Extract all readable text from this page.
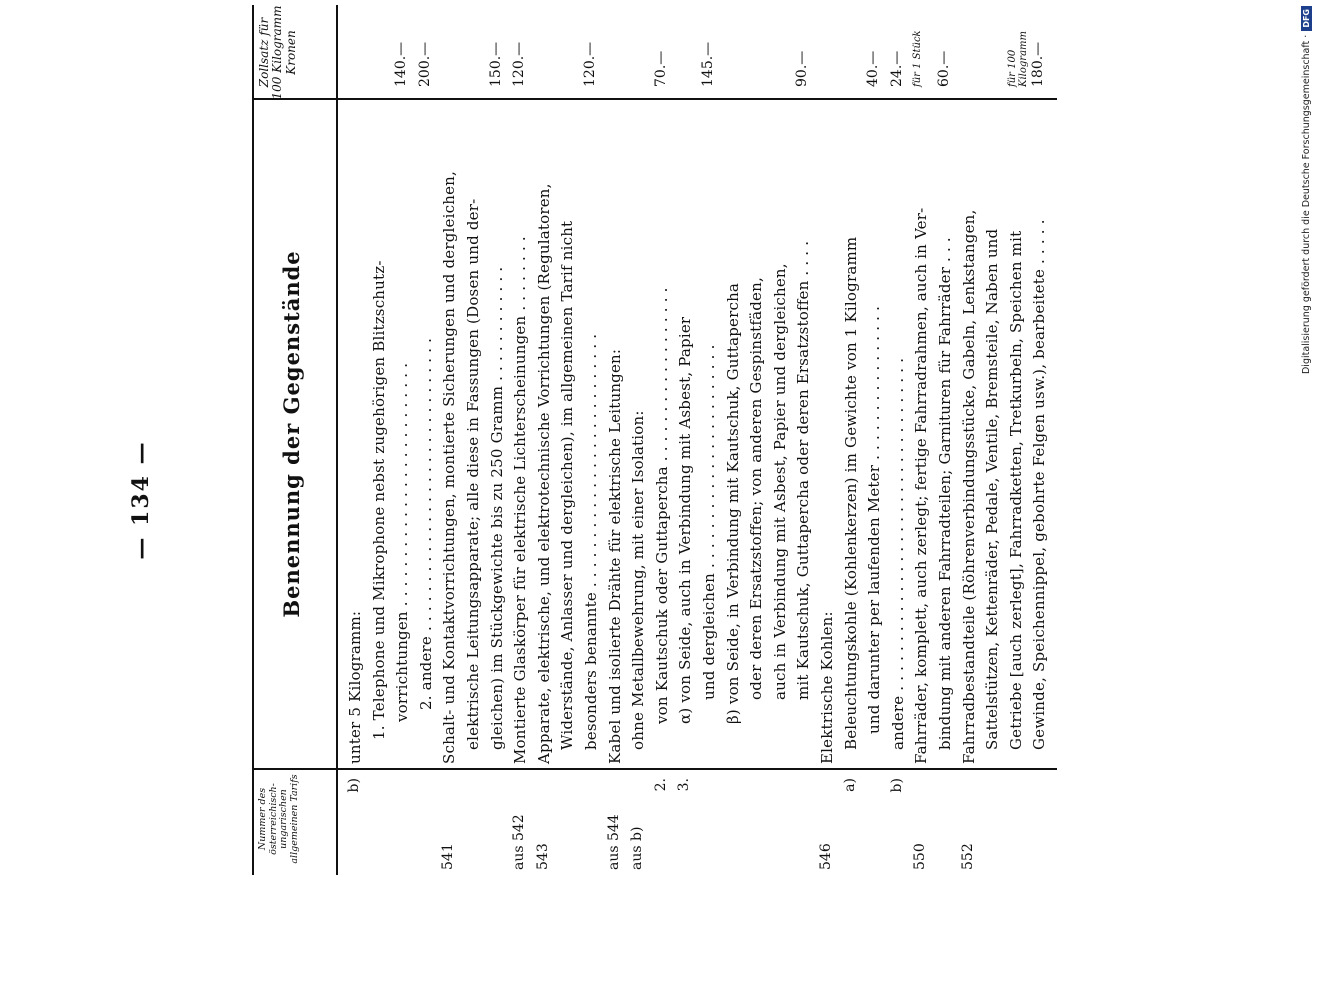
— 134 —
Nummer des österreichisch-ungarischen allgemeinen Tarifs
Benennung der Gegenstände
Zollsatz für 100 Kilogramm Kronen
b)
unter 5 Kilogramm: 1. Telephone und Mikrophone nebst zugehörigen Blitzschutz- vorrichtungen . . . . . . . . . . . . . . . . . . . . . . . . .
140.—
2. andere . . . . . . . . . . . . . . . . . . . . . . . . . . . . . .
200.—
541
Schalt- und Kontaktvorrichtungen, montierte Sicherungen und dergleichen, elektrische Leitungsapparate; alle diese in Fassungen (Dosen und der- gleichen) im Stückgewichte bis zu 250 Gramm . . . . . . . . . . . .
150.—
aus 542
Montierte Glaskörper für elektrische Lichterscheinungen . . . . . . . .
120.—
543
Apparate, elektrische, und elektrotechnische Vorrichtungen (Regulatoren, Widerstände, Anlasser und dergleichen), im allgemeinen Tarif nicht besonders benannte . . . . . . . . . . . . . . . . . . . . . . . . . .
120.—
aus 544
Kabel und isolierte Drähte für elektrische Leitungen:
aus b)
ohne Metallbewehrung, mit einer Isolation:
2.
von Kautschuk oder Guttapercha . . . . . . . . . . . . . . . . . .
70.—
3.
α) von Seide, auch in Verbindung mit Asbest, Papier und dergleichen . . . . . . . . . . . . . . . . . . . . . . .
145.—
β) von Seide, in Verbindung mit Kautschuk, Guttapercha oder deren Ersatzstoffen; von anderen Gespinstfäden, auch in Verbindung mit Asbest, Papier und dergleichen, mit Kautschuk, Guttapercha oder deren Ersatzstoffen . . . .
90.—
546
Elektrische Kohlen:
a)
Beleuchtungskohle (Kohlenkerzen) im Gewichte von 1 Kilogramm und darunter per laufenden Meter . . . . . . . . . . . . . . . .
40.—
b)
andere . . . . . . . . . . . . . . . . . . . . . . . . . . . . . . . . . .
24.—
550
Fahrräder, komplett, auch zerlegt; fertige Fahrradrahmen, auch in Ver-
für 1 Stück
bindung mit anderen Fahrradteilen; Garnituren für Fahrräder . . .
60.—
552
Fahrradbestandteile (Röhrenverbindungsstücke, Gabeln, Lenkstangen, Sattelstützen, Kettenräder, Pedale, Ventile, Bremsteile, Naben und Getriebe [auch zerlegt], Fahrradketten, Tretkurbeln, Speichen mit
für 100 Kilogramm
Gewinde, Speichennippel, gebohrte Felgen usw.), bearbeitete . . . . .
180.—	Digitalisierung gefördert durch die Deutsche Forschungsgemeinschaft ·
DFG
